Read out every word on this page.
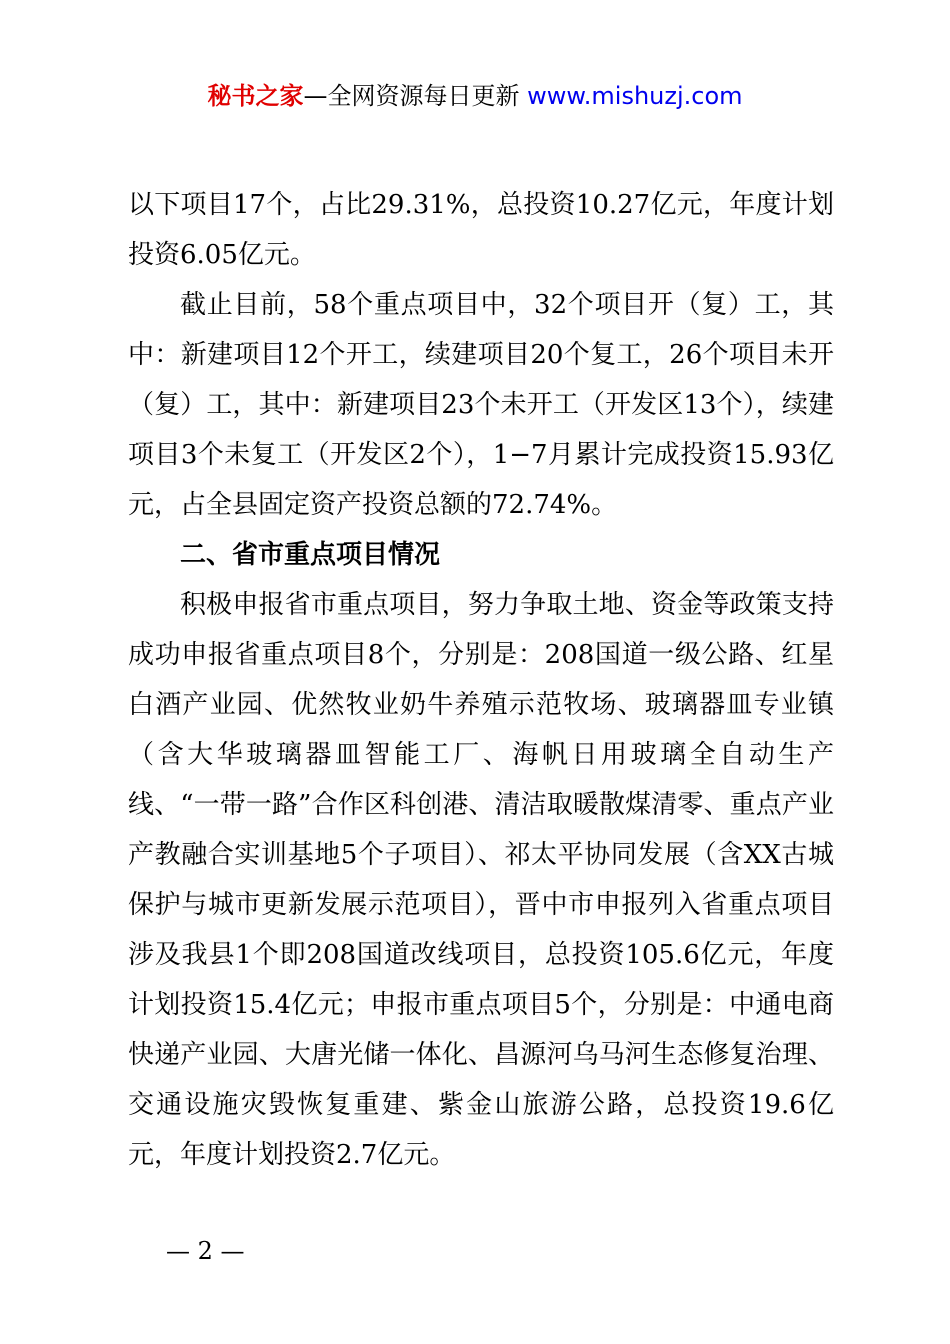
秘书之家—全网资源每日更新 www.mishuzj.com

以下项目17个，占比29.31%，总投资10.27亿元，年度计划投资6.05亿元。

截止目前，58个重点项目中，32个项目开（复）工，其中：新建项目12个开工，续建项目20个复工，26个项目未开（复）工，其中：新建项目23个未开工（开发区13个），续建项目3个未复工（开发区2个），1−7月累计完成投资15.93亿元，占全县固定资产投资总额的72.74%。

二、省市重点项目情况

积极申报省市重点项目，努力争取土地、资金等政策支持成功申报省重点项目8个，分别是：208国道一级公路、红星白酒产业园、优然牧业奶牛养殖示范牧场、玻璃器皿专业镇（含大华玻璃器皿智能工厂、海帆日用玻璃全自动生产线、“一带一路”合作区科创港、清洁取暖散煤清零、重点产业产教融合实训基地5个子项目）、祁太平协同发展（含XX古城保护与城市更新发展示范项目），晋中市申报列入省重点项目涉及我县1个即208国道改线项目，总投资105.6亿元，年度计划投资15.4亿元；申报市重点项目5个，分别是：中通电商快递产业园、大唐光储一体化、昌源河乌马河生态修复治理、交通设施灾毁恢复重建、紫金山旅游公路，总投资19.6亿元，年度计划投资2.7亿元。

— 2 —
